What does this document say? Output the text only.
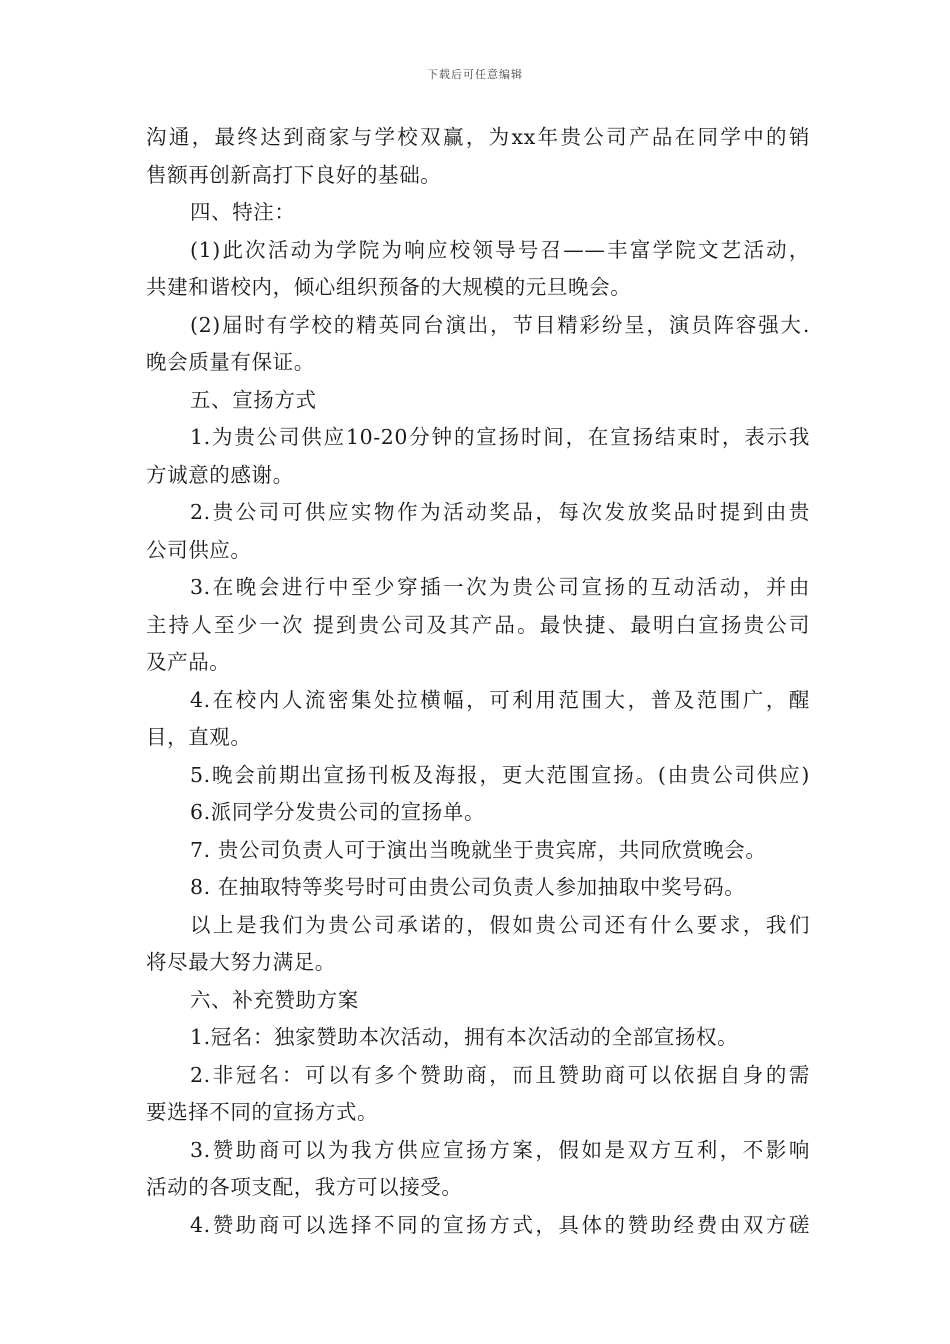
下载后可任意编辑
沟通，最终达到商家与学校双赢，为xx年贵公司产品在同学中的销
售额再创新高打下良好的基础。
四、特注：
(1)此次活动为学院为响应校领导号召——丰富学院文艺活动，
共建和谐校内，倾心组织预备的大规模的元旦晚会。
(2)届时有学校的精英同台演出，节目精彩纷呈，演员阵容强大.
晚会质量有保证。
五、宣扬方式
1.为贵公司供应10-20分钟的宣扬时间，在宣扬结束时，表示我
方诚意的感谢。
2.贵公司可供应实物作为活动奖品，每次发放奖品时提到由贵
公司供应。
3.在晚会进行中至少穿插一次为贵公司宣扬的互动活动，并由
主持人至少一次 提到贵公司及其产品。最快捷、最明白宣扬贵公司
及产品。
4.在校内人流密集处拉横幅，可利用范围大，普及范围广，醒
目，直观。
5.晚会前期出宣扬刊板及海报，更大范围宣扬。(由贵公司供应)
6.派同学分发贵公司的宣扬单。
7. 贵公司负责人可于演出当晚就坐于贵宾席，共同欣赏晚会。
8. 在抽取特等奖号时可由贵公司负责人参加抽取中奖号码。
以上是我们为贵公司承诺的，假如贵公司还有什么要求，我们
将尽最大努力满足。
六、补充赞助方案
1.冠名：独家赞助本次活动，拥有本次活动的全部宣扬权。
2.非冠名：可以有多个赞助商，而且赞助商可以依据自身的需
要选择不同的宣扬方式。
3.赞助商可以为我方供应宣扬方案，假如是双方互利，不影响
活动的各项支配，我方可以接受。
4.赞助商可以选择不同的宣扬方式，具体的赞助经费由双方磋
